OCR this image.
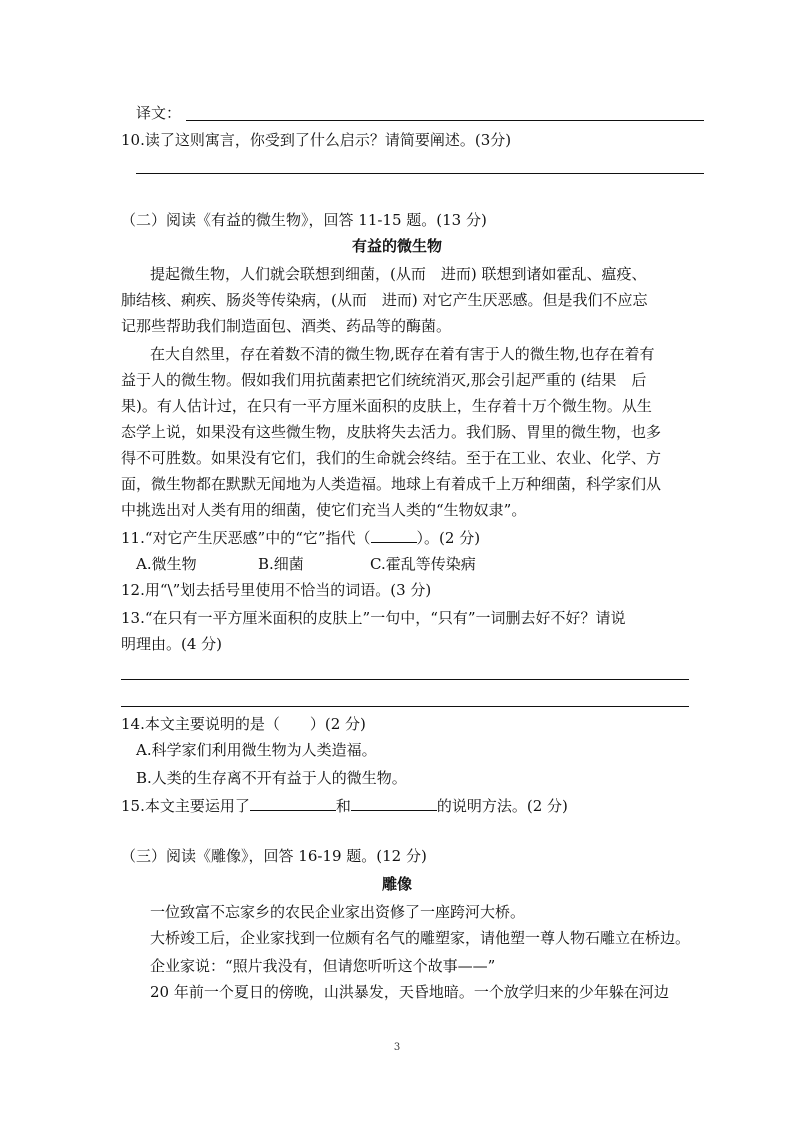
译文：
10.读了这则寓言，你受到了什么启示？请简要阐述。(3分)
（二）阅读《有益的微生物》，回答 11-15 题。(13 分)
有益的微生物
提起微生物，人们就会联想到细菌，(从而　进而) 联想到诸如霍乱、瘟疫、
肺结核、痢疾、肠炎等传染病，(从而　进而) 对它产生厌恶感。但是我们不应忘
记那些帮助我们制造面包、酒类、药品等的酶菌。
在大自然里，存在着数不清的微生物,既存在着有害于人的微生物,也存在着有
益于人的微生物。假如我们用抗菌素把它们统统消灭,那会引起严重的 (结果　后
果)。有人估计过，在只有一平方厘米面积的皮肤上，生存着十万个微生物。从生
态学上说，如果没有这些微生物，皮肤将失去活力。我们肠、胃里的微生物，也多
得不可胜数。如果没有它们，我们的生命就会终结。至于在工业、农业、化学、方
面，微生物都在默默无闻地为人类造福。地球上有着成千上万种细菌，科学家们从
中挑选出对人类有用的细菌，使它们充当人类的“生物奴隶”。
11.“对它产生厌恶感”中的“它”指代（	）。(2 分)
A.微生物	B.细菌	C.霍乱等传染病
12.用“\”划去括号里使用不恰当的词语。(3 分)
13.“在只有一平方厘米面积的皮肤上”一句中，“只有”一词删去好不好？请说
明理由。(4 分)
14.本文主要说明的是（　　）(2 分)
A.科学家们利用微生物为人类造福。
B.人类的生存离不开有益于人的微生物。
15.本文主要运用了	和	的说明方法。(2 分)
（三）阅读《雕像》，回答 16-19 题。(12 分)
雕像
一位致富不忘家乡的农民企业家出资修了一座跨河大桥。
大桥竣工后，企业家找到一位颇有名气的雕塑家，请他塑一尊人物石雕立在桥边。
企业家说：“照片我没有，但请您听听这个故事——”
20 年前一个夏日的傍晚，山洪暴发，天昏地暗。一个放学归来的少年躲在河边
3
